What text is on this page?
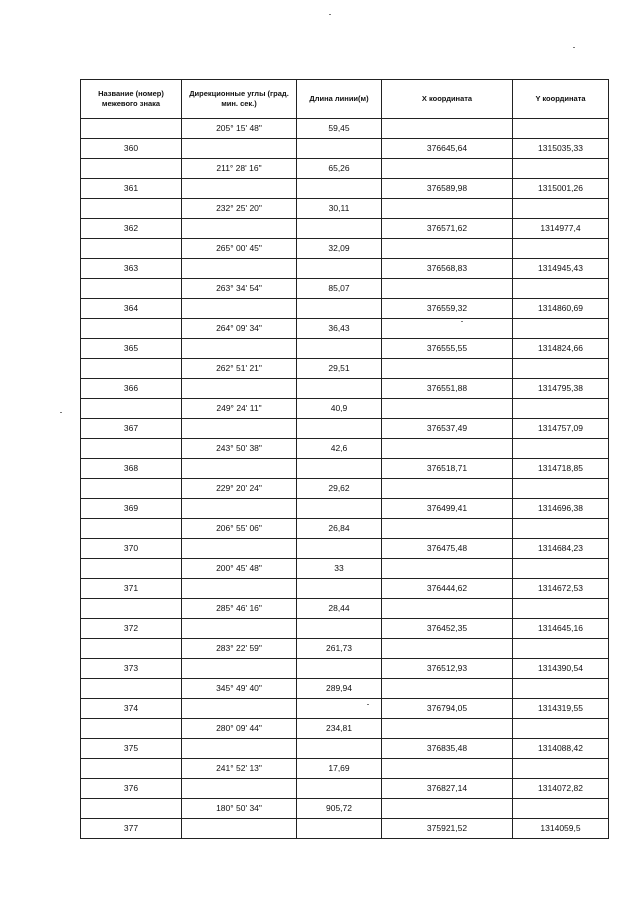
Название (номер) межевого знака	Дирекционные углы (град. мин. сек.)	Длина линии(м)	X координата	Y координата
	205° 15' 48"	59,45		
360			376645,64	1315035,33
	211° 28' 16"	65,26		
361			376589,98	1315001,26
	232° 25' 20"	30,11		
362			376571,62	1314977,4
	265° 00' 45"	32,09		
363			376568,83	1314945,43
	263° 34' 54"	85,07		
364			376559,32	1314860,69
	264° 09' 34"	36,43		
365			376555,55	1314824,66
	262° 51' 21"	29,51		
366			376551,88	1314795,38
	249° 24' 11"	40,9		
367			376537,49	1314757,09
	243° 50' 38"	42,6		
368			376518,71	1314718,85
	229° 20' 24"	29,62		
369			376499,41	1314696,38
	206° 55' 06"	26,84		
370			376475,48	1314684,23
	200° 45' 48"	33		
371			376444,62	1314672,53
	285° 46' 16"	28,44		
372			376452,35	1314645,16
	283° 22' 59"	261,73		
373			376512,93	1314390,54
	345° 49' 40"	289,94		
374			376794,05	1314319,55
	280° 09' 44"	234,81		
375			376835,48	1314088,42
	241° 52' 13"	17,69		
376			376827,14	1314072,82
	180° 50' 34"	905,72		
377			375921,52	1314059,5
